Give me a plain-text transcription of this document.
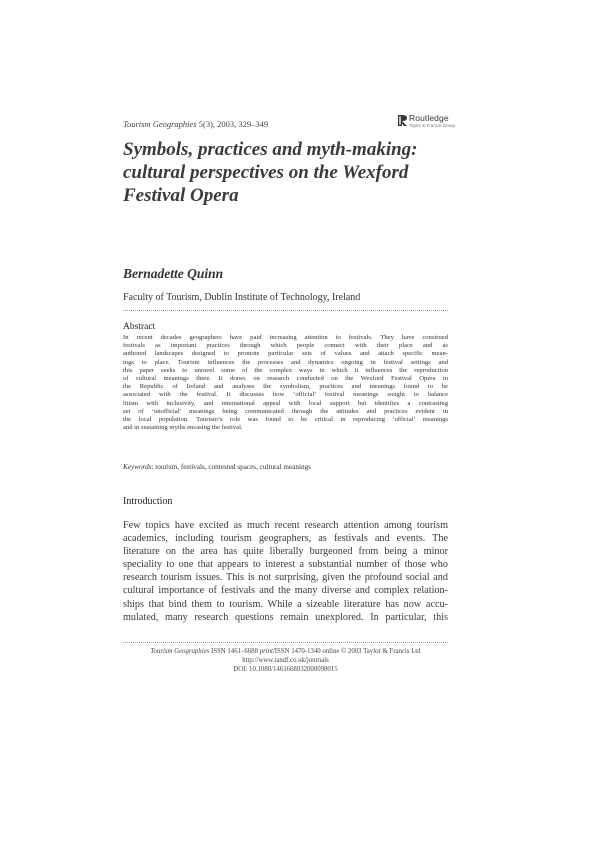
Tourism Geographies 5(3), 2003, 329–349
Routledge
Taylor & Francis Group
Symbols, practices and myth-making:
cultural perspectives on the Wexford
Festival Opera
Bernadette Quinn
Faculty of Tourism, Dublin Institute of Technology, Ireland
Abstract
In recent decades geographers have paid increasing attention to festivals. They have construed
festivals as important practices through which people connect with their place and as
authored landscapes designed to promote particular sets of values and attach specific mean-
ings to place. Tourism influences the processes and dynamics ongoing in festival settings and
this paper seeks to unravel some of the complex ways in which it influences the reproduction
of cultural meanings there. It draws on research conducted on the Wexford Festival Opera in
the Republic of Ireland and analyses the symbolism, practices and meanings found to be
associated with the festival. It discusses how ‘official’ festival meanings sought to balance
litism with inclusivity, and international appeal with local support but identifies a contrasting
set of ‘unofficial’ meanings being communicated through the attitudes and practices evident in
the local population. Tourism’s role was found to be critical in reproducing ‘official’ meanings
and in sustaining myths encasing the festival.
Keywords: tourism, festivals, contested spaces, cultural meanings
Introduction
Few topics have excited as much recent research attention among tourism
academics, including tourism geographers, as festivals and events. The
literature on the area has quite liberally burgeoned from being a minor
speciality to one that appears to interest a substantial number of those who
research tourism issues. This is not surprising, given the profound social and
cultural importance of festivals and the many diverse and complex relation-
ships that bind them to tourism. While a sizeable literature has now accu-
mulated, many research questions remain unexplored. In particular, this
Tourism Geographies ISSN 1461–6688 print/ISSN 1470-1340 online © 2003 Taylor & Francis Ltd
http://www.tandf.co.uk/journals
DOI: 10.1080/1461668032000098015
